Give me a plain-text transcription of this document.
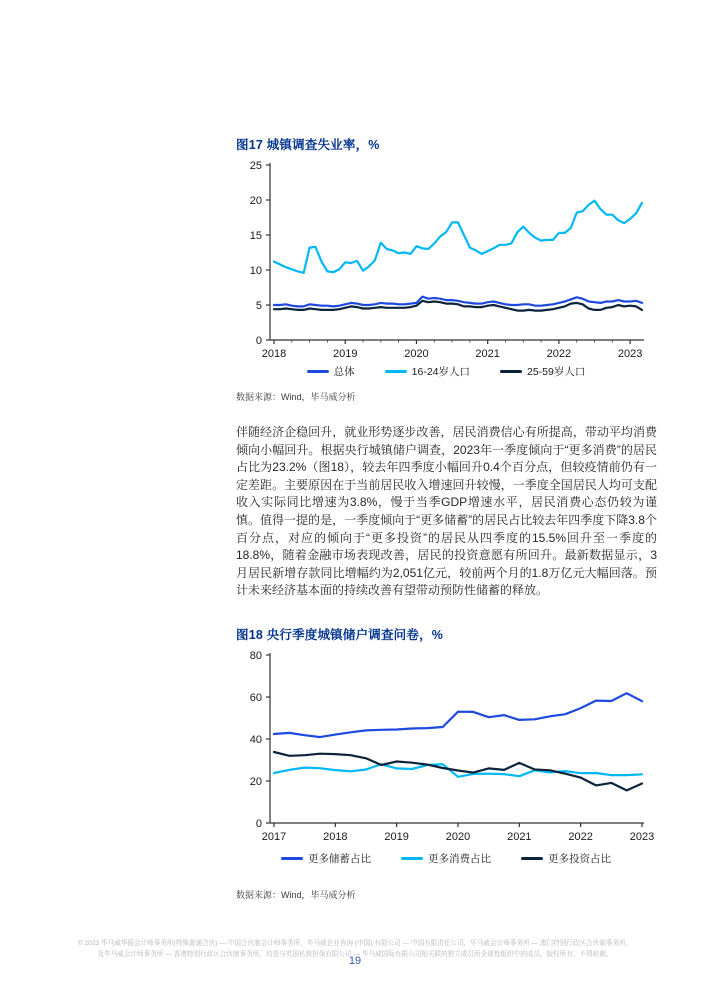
图17 城镇调查失业率，%
0
5
10
15
20
25
2018	2019	2020	2021	2022	2023
总体	16-24岁人口	25-59岁人口
数据来源：Wind，毕马威分析
伴随经济企稳回升，就业形势逐步改善，居民消费信心有所提高，带动平均消费倾向小幅回升。根据央行城镇储户调查，2023年一季度倾向于“更多消费”的居民占比为23.2%（图18），较去年四季度小幅回升0.4个百分点，但较疫情前仍有一定差距。主要原因在于当前居民收入增速回升较慢，一季度全国居民人均可支配收入实际同比增速为3.8%，慢于当季GDP增速水平，居民消费心态仍较为谨慎。值得一提的是，一季度倾向于“更多储蓄”的居民占比较去年四季度下降3.8个百分点，对应的倾向于“更多投资”的居民从四季度的15.5%回升至一季度的18.8%，随着金融市场表现改善，居民的投资意愿有所回升。最新数据显示，3月居民新增存款同比增幅约为2,051亿元，较前两个月的1.8万亿元大幅回落。预计未来经济基本面的持续改善有望带动预防性储蓄的释放。
图18 央行季度城镇储户调查问卷，%
0
20
40
60
80
2017	2018	2019	2020	2021	2022	2023
更多储蓄占比	更多消费占比	更多投资占比
数据来源：Wind，毕马威分析
© 2023 毕马威华振会计师事务所(特殊普通合伙) — 中国合伙制会计师事务所，毕马威企业咨询 (中国) 有限公司 — 中国有限责任公司，毕马威会计师事务所 — 澳门特别行政区合伙制事务所，
及毕马威会计师事务所 — 香港特别行政区合伙制事务所，均是与英国私营担保有限公司 — 毕马威国际有限公司相关联的独立成员所全球性组织中的成员。版权所有，不得转载。
19
